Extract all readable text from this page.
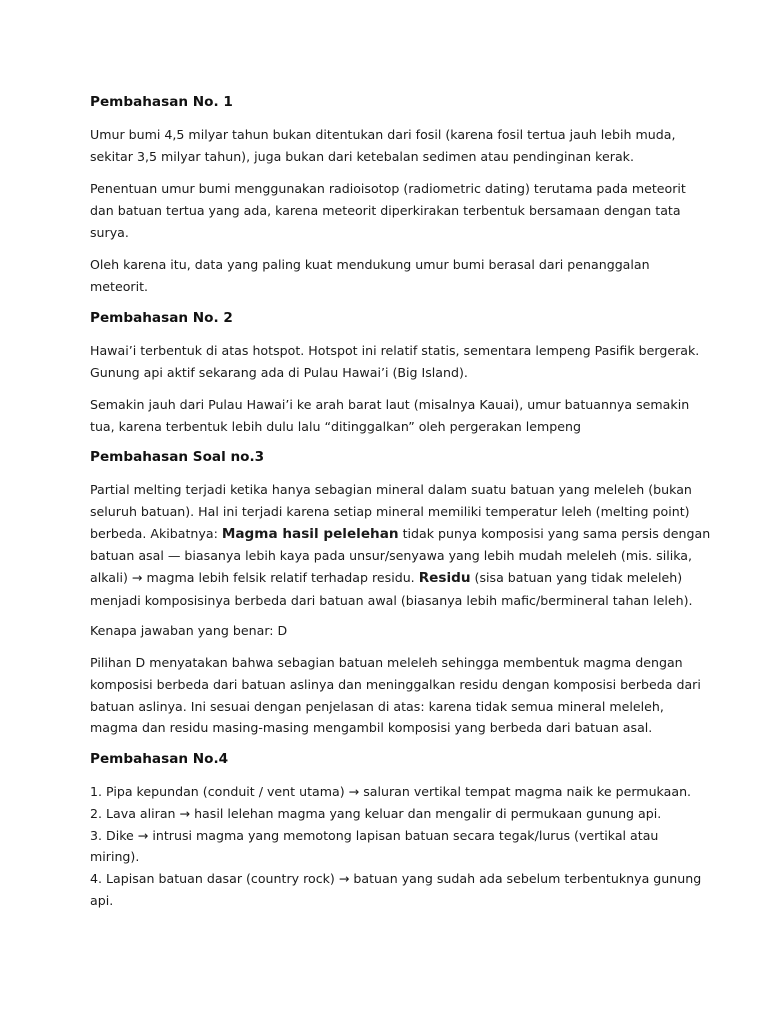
Pembahasan No. 1
Umur bumi 4,5 milyar tahun bukan ditentukan dari fosil (karena fosil tertua jauh lebih muda,
sekitar 3,5 milyar tahun), juga bukan dari ketebalan sedimen atau pendinginan kerak.
Penentuan umur bumi menggunakan radioisotop (radiometric dating) terutama pada meteorit
dan batuan tertua yang ada, karena meteorit diperkirakan terbentuk bersamaan dengan tata
surya.
Oleh karena itu, data yang paling kuat mendukung umur bumi berasal dari penanggalan
meteorit.
Pembahasan No. 2
Hawai’i terbentuk di atas hotspot. Hotspot ini relatif statis, sementara lempeng Pasifik bergerak.
Gunung api aktif sekarang ada di Pulau Hawai’i (Big Island).
Semakin jauh dari Pulau Hawai’i ke arah barat laut (misalnya Kauai), umur batuannya semakin
tua, karena terbentuk lebih dulu lalu “ditinggalkan” oleh pergerakan lempeng
Pembahasan Soal no.3
Partial melting terjadi ketika hanya sebagian mineral dalam suatu batuan yang meleleh (bukan
seluruh batuan). Hal ini terjadi karena setiap mineral memiliki temperatur leleh (melting point)
berbeda. Akibatnya: Magma hasil pelelehan tidak punya komposisi yang sama persis dengan
batuan asal — biasanya lebih kaya pada unsur/senyawa yang lebih mudah meleleh (mis. silika,
alkali) → magma lebih felsik relatif terhadap residu. Residu (sisa batuan yang tidak meleleh)
menjadi komposisinya berbeda dari batuan awal (biasanya lebih mafic/bermineral tahan leleh).
Kenapa jawaban yang benar: D
Pilihan D menyatakan bahwa sebagian batuan meleleh sehingga membentuk magma dengan
komposisi berbeda dari batuan aslinya dan meninggalkan residu dengan komposisi berbeda dari
batuan aslinya. Ini sesuai dengan penjelasan di atas: karena tidak semua mineral meleleh,
magma dan residu masing-masing mengambil komposisi yang berbeda dari batuan asal.
Pembahasan No.4
1. Pipa kepundan (conduit / vent utama) → saluran vertikal tempat magma naik ke permukaan.
2. Lava aliran → hasil lelehan magma yang keluar dan mengalir di permukaan gunung api.
3. Dike → intrusi magma yang memotong lapisan batuan secara tegak/lurus (vertikal atau
miring).
4. Lapisan batuan dasar (country rock) → batuan yang sudah ada sebelum terbentuknya gunung
api.
